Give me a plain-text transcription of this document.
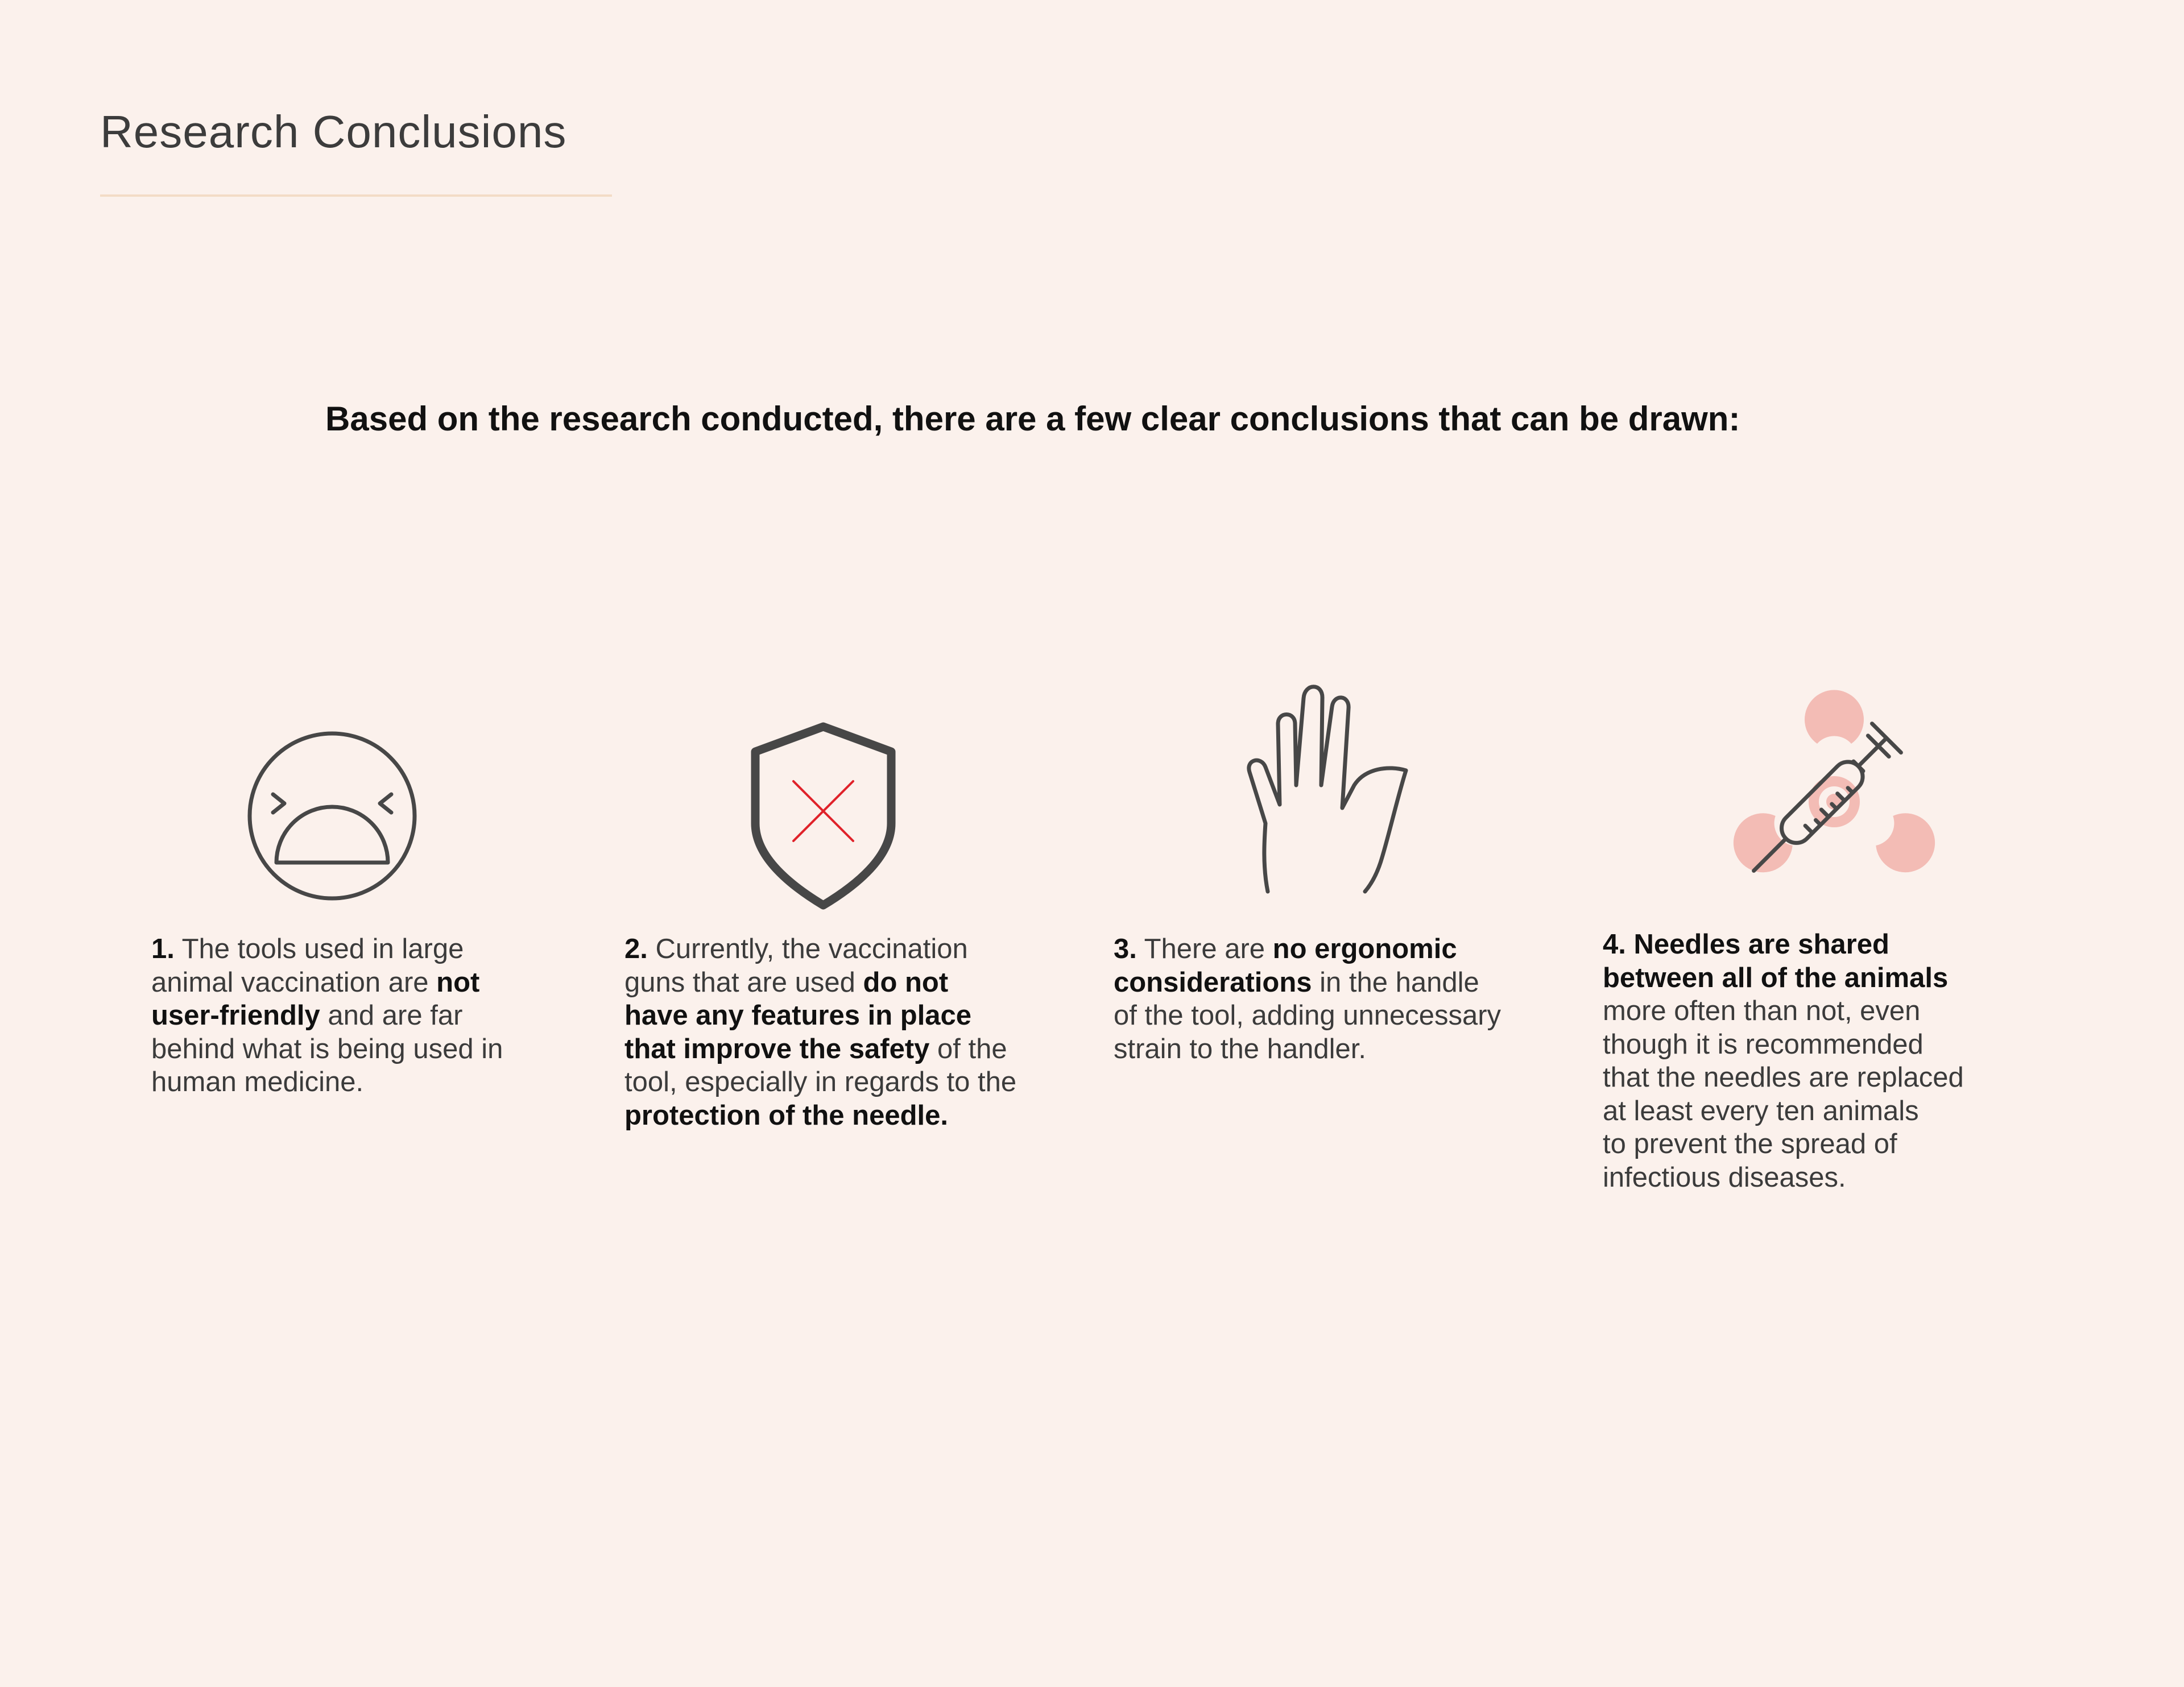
Research Conclusions

Based on the research conducted, there are a few clear conclusions that can be drawn:

1. The tools used in large
animal vaccination are not
user-friendly and are far
behind what is being used in
human medicine.
2. Currently, the vaccination
guns that are used do not
have any features in place
that improve the safety of the
tool, especially in regards to the
protection of the needle.
3. There are no ergonomic
considerations in the handle
of the tool, adding unnecessary
strain to the handler.
4. Needles are shared
between all of the animals
more often than not, even
though it is recommended
that the needles are replaced
at least every ten animals
to prevent the spread of
infectious diseases.
